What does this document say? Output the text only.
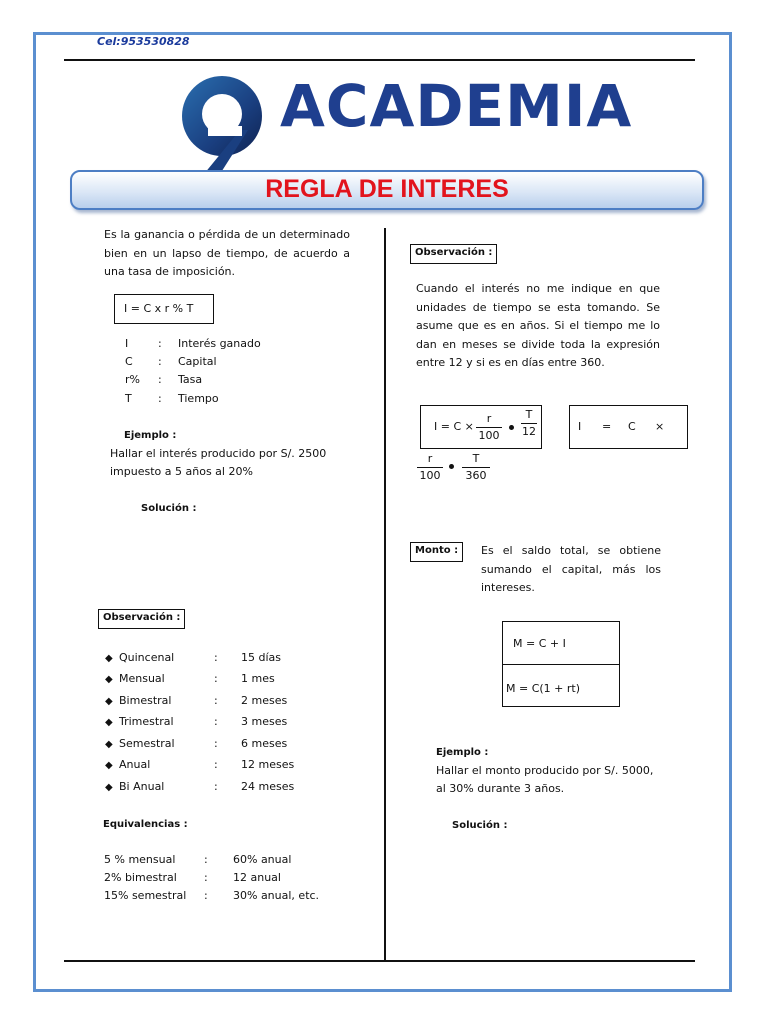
Cel:953530828
ACADEMIA
REGLA DE INTERES
Es la ganancia o pérdida de un determinado bien en un lapso de tiempo, de acuerdo a una tasa de imposición.
I = C x r % T
I	: Interés ganado
C : Capital
r% : Tasa
T : Tiempo
Ejemplo :
Hallar el interés producido por S/. 2500
impuesto a 5 años al 20%
Solución :
Observación :
◆ Quincenal	: 15 días
◆ Mensual	: 1 mes
◆ Bimestral	: 2 meses
◆ Trimestral	: 3 meses
◆ Semestral	: 6 meses
◆ Anual	: 12 meses
◆ Bi Anual	: 24 meses
Equivalencias :
5 % mensual	: 60% anual
2% bimestral : 12 anual
15% semestral : 30% anual, etc.
Observación :
Cuando el interés no me indique en que unidades de tiempo se esta tomando. Se asume que es en años. Si el tiempo me lo dan en meses se divide toda la expresión entre 12 y si es en días entre 360.
I = C ×
r
100
T
12	I = C ×
r
100
T
360
Monto :	Es el saldo total, se obtiene sumando el capital, más los intereses.
M = C + I
M = C(1 + rt)
Ejemplo :
Hallar el monto producido por S/. 5000,
al 30% durante 3 años.
Solución :
